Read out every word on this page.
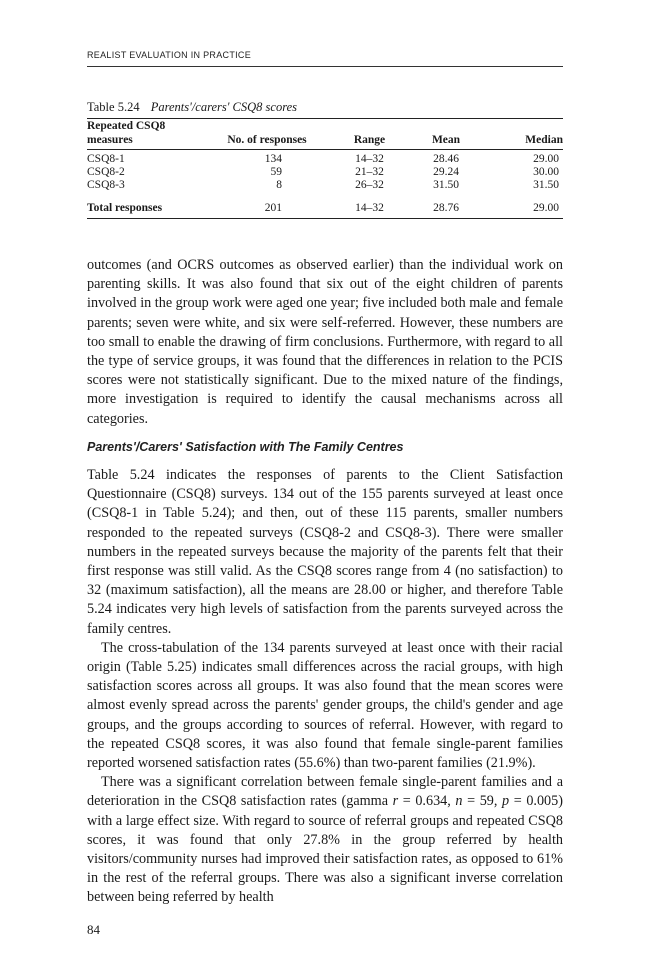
REALIST EVALUATION IN PRACTICE
Table 5.24 Parents'/carers' CSQ8 scores
Repeated CSQ8				
measures	No. of responses	Range	Mean	Median
CSQ8-1	134	14–32	28.46	29.00
CSQ8-2	59	21–32	29.24	30.00
CSQ8-3	8	26–32	31.50	31.50
Total responses	201	14–32	28.76	29.00

outcomes (and OCRS outcomes as observed earlier) than the individual work on parenting skills. It was also found that six out of the eight children of parents involved in the group work were aged one year; five included both male and female parents; seven were white, and six were self-referred. However, these numbers are too small to enable the drawing of firm conclusions. Furthermore, with regard to all the type of service groups, it was found that the differences in relation to the PCIS scores were not statistically significant. Due to the mixed nature of the findings, more investigation is required to identify the causal mechanisms across all categories.

Parents'/Carers' Satisfaction with The Family Centres

Table 5.24 indicates the responses of parents to the Client Satisfaction Questionnaire (CSQ8) surveys. 134 out of the 155 parents surveyed at least once (CSQ8-1 in Table 5.24); and then, out of these 115 parents, smaller numbers responded to the repeated surveys (CSQ8-2 and CSQ8-3). There were smaller numbers in the repeated surveys because the majority of the parents felt that their first response was still valid. As the CSQ8 scores range from 4 (no satisfaction) to 32 (maximum satisfaction), all the means are 28.00 or higher, and therefore Table 5.24 indicates very high levels of satisfaction from the parents surveyed across the family centres.

The cross-tabulation of the 134 parents surveyed at least once with their racial origin (Table 5.25) indicates small differences across the racial groups, with high satisfaction scores across all groups. It was also found that the mean scores were almost evenly spread across the parents' gender groups, the child's gender and age groups, and the groups according to sources of referral. However, with regard to the repeated CSQ8 scores, it was also found that female single-parent families reported worsened satisfaction rates (55.6%) than two-parent families (21.9%).

There was a significant correlation between female single-parent families and a deterioration in the CSQ8 satisfaction rates (gamma r = 0.634, n = 59, p = 0.005) with a large effect size. With regard to source of referral groups and repeated CSQ8 scores, it was found that only 27.8% in the group referred by health visitors/community nurses had improved their satisfaction rates, as opposed to 61% in the rest of the referral groups. There was also a significant inverse correlation between being referred by health

84
